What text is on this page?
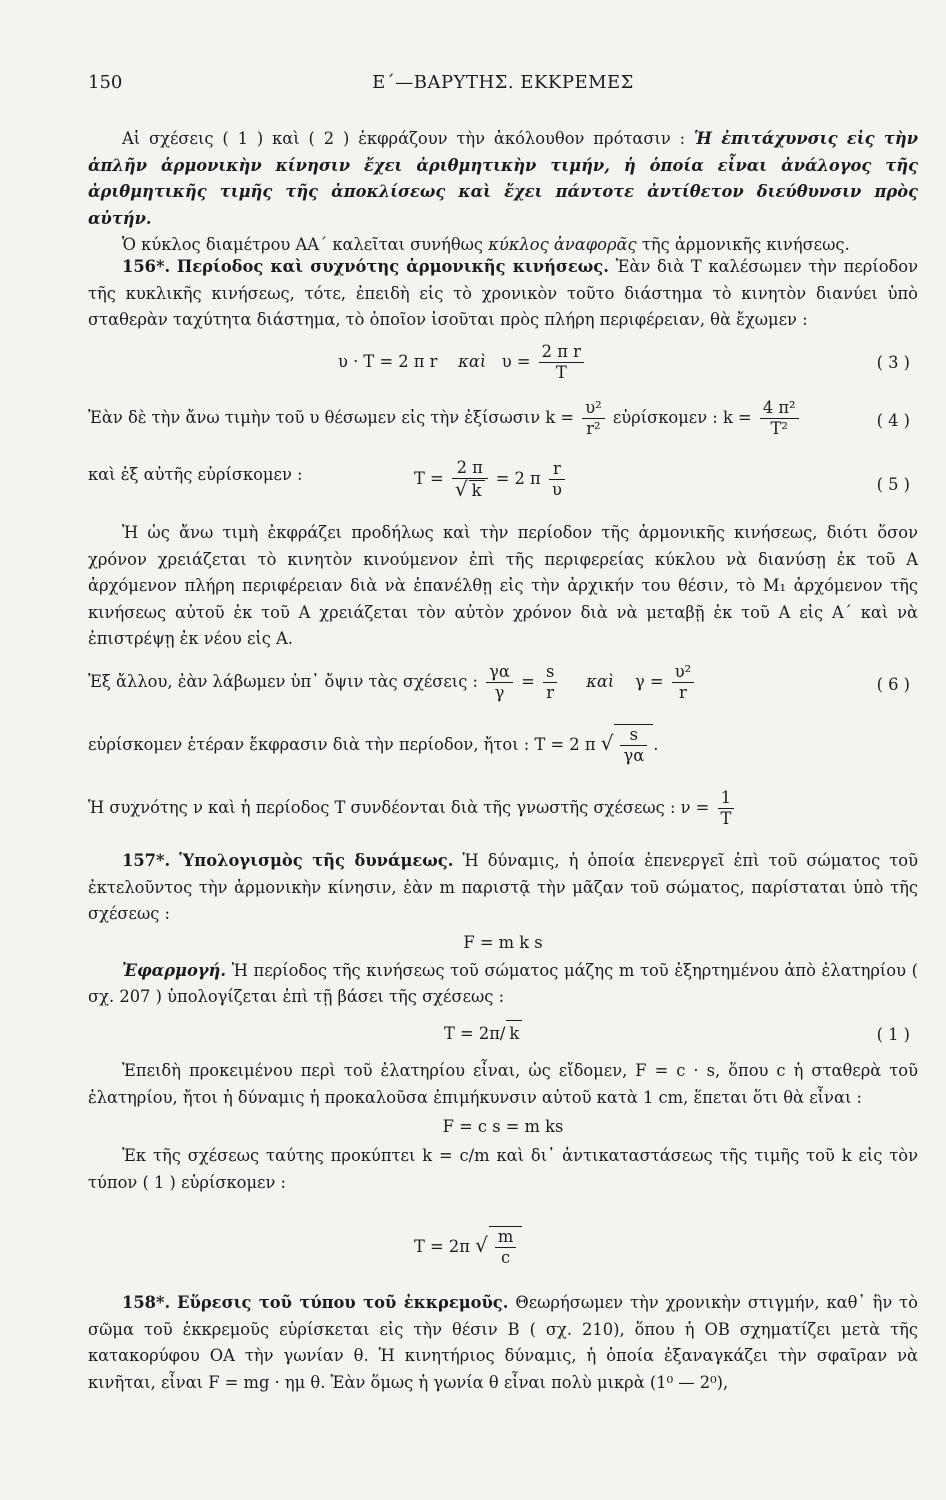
150	Ε΄—ΒΑΡΥΤΗΣ. ΕΚΚΡΕΜΕΣ

Αἱ σχέσεις ( 1 ) καὶ ( 2 ) ἐκφράζουν τὴν ἀκόλουθον πρότασιν : Ἡ ἐπιτάχυνσις εἰς τὴν ἁπλῆν ἁρμονικὴν κίνησιν ἔχει ἀριθμητικὴν τιμήν, ἡ ὁποία εἶναι ἀνάλογος τῆς ἀριθμητικῆς τιμῆς τῆς ἀποκλίσεως καὶ ἔχει πάντοτε ἀντίθετον διεύθυνσιν πρὸς αὐτήν.

Ὁ κύκλος διαμέτρου ΑΑ΄ καλεῖται συνήθως κύκλος ἀναφορᾶς τῆς ἁρμονικῆς κινήσεως.

156*. Περίοδος καὶ συχνότης ἁρμονικῆς κινήσεως. Ἐὰν διὰ Τ καλέσωμεν τὴν περίοδον τῆς κυκλικῆς κινήσεως, τότε, ἐπειδὴ εἰς τὸ χρονικὸν τοῦτο διάστημα τὸ κινητὸν διανύει ὑπὸ σταθερὰν ταχύτητα διάστημα, τὸ ὁποῖον ἰσοῦται πρὸς πλήρη περιφέρειαν, θὰ ἔχωμεν :

υ · Τ = 2 π r καὶ $\upsilon = \frac{\text{2 π r}}{T}$	( 3 )
Ἐὰν δὲ τὴν ἄνω τιμὴν τοῦ υ θέσωμεν εἰς τὴν ἐξίσωσιν $k = \frac{\text{υ²}}{\text{r²}}$ εὑρίσκομεν : $k = \frac{\text{4 π²}}{\text{Τ²}}$	( 4 )
καὶ ἐξ αὐτῆς εὑρίσκομεν :	$T = \frac{2 \pi}{√ k} = 2$ π $\frac{r}{\upsilon}$	( 5 )

Ἡ ὡς ἄνω τιμὴ ἐκφράζει προδήλως καὶ τὴν περίοδον τῆς ἁρμονικῆς κινήσεως, διότι ὅσον χρόνον χρειάζεται τὸ κινητὸν κινούμενον ἐπὶ τῆς περιφερείας κύκλου νὰ διανύσῃ ἐκ τοῦ Α ἀρχόμενον πλήρη περιφέρειαν διὰ νὰ ἐπανέλθῃ εἰς τὴν ἀρχικήν του θέσιν, τὸ Μ₁ ἀρχόμενον τῆς κινήσεως αὐτοῦ ἐκ τοῦ Α χρειάζεται τὸν αὐτὸν χρόνον διὰ νὰ μεταβῇ ἐκ τοῦ Α εἰς Α΄ καὶ νὰ ἐπιστρέψῃ ἐκ νέου εἰς Α.

Ἐξ ἄλλου, ἐὰν λάβωμεν ὑπ᾽ ὄψιν τὰς σχέσεις : $\frac{\gamma\alpha}{\gamma} = \frac{s}{r}$ καὶ $\gamma = \frac{\text{υ²}}{r}$	( 6 )
εὑρίσκομεν ἑτέραν ἔκφρασιν διὰ τὴν περίοδον, ἤτοι : Τ = 2 π √ $\frac{s}{\gamma\alpha}$ .
Ἡ συχνότης ν καὶ ἡ περίοδος Τ συνδέονται διὰ τῆς γνωστῆς σχέσεως : $\nu = \frac{1}{T}$

157*. Ὑπολογισμὸς τῆς δυνάμεως. Ἡ δύναμις, ἡ ὁποία ἐπενεργεῖ ἐπὶ τοῦ σώματος τοῦ ἐκτελοῦντος τὴν ἁρμονικὴν κίνησιν, ἐὰν m παριστᾷ τὴν μᾶζαν τοῦ σώματος, παρίσταται ὑπὸ τῆς σχέσεως :

F = m k s

Ἐφαρμογή. Ἡ περίοδος τῆς κινήσεως τοῦ σώματος μάζης m τοῦ ἐξηρτημένου ἀπὸ ἐλατηρίου ( σχ. 207 ) ὑπολογίζεται ἐπὶ τῇ βάσει τῆς σχέσεως :

Τ = 2π/ k	( 1 )

Ἐπειδὴ προκειμένου περὶ τοῦ ἐλατηρίου εἶναι, ὡς εἴδομεν, F = c · s, ὅπου c ἡ σταθερὰ τοῦ ἐλατηρίου, ἤτοι ἡ δύναμις ἡ προκαλοῦσα ἐπιμήκυνσιν αὐτοῦ κατὰ 1 cm, ἕπεται ὅτι θὰ εἶναι :

F = c s = m ks

Ἐκ τῆς σχέσεως ταύτης προκύπτει k = c/m καὶ δι᾽ ἀντικαταστάσεως τῆς τιμῆς τοῦ k εἰς τὸν τύπον ( 1 ) εὑρίσκομεν :

Τ = 2π √ $\frac{m}{c}$

158*. Εὕρεσις τοῦ τύπου τοῦ ἐκκρεμοῦς. Θεωρήσωμεν τὴν χρονικὴν στιγμήν, καθ᾽ ἣν τὸ σῶμα τοῦ ἐκκρεμοῦς εὑρίσκεται εἰς τὴν θέσιν Β ( σχ. 210), ὅπου ἡ ΟΒ σχηματίζει μετὰ τῆς κατακορύφου ΟΑ τὴν γωνίαν θ. Ἡ κινητήριος δύναμις, ἡ ὁποία ἐξαναγκάζει τὴν σφαῖραν νὰ κινῆται, εἶναι F = mg · ημ θ. Ἐὰν ὅμως ἡ γωνία θ εἶναι πολὺ μικρὰ (1⁰ — 2⁰),
